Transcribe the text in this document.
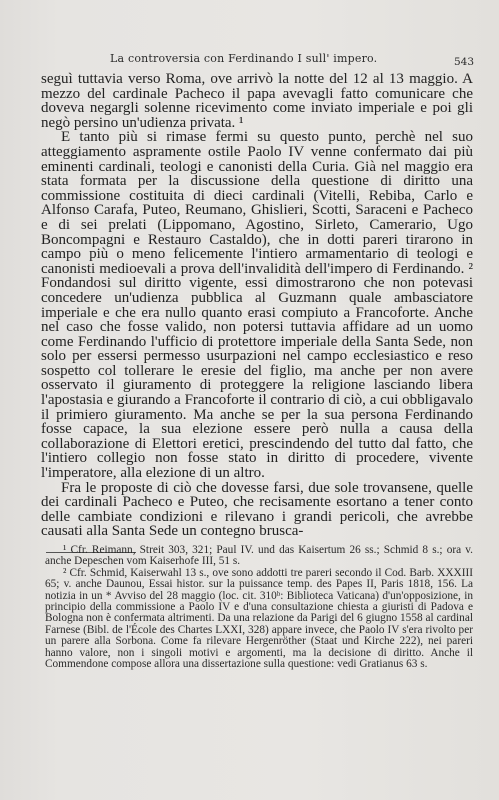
La controversia con Ferdinando I sull' impero.	543

seguì tuttavia verso Roma, ove arrivò la notte del 12 al 13 maggio. A mezzo del cardinale Pacheco il papa avevagli fatto comunicare che doveva negargli solenne ricevimento come inviato imperiale e poi gli negò persino un'udienza privata. ¹

E tanto più si rimase fermi su questo punto, perchè nel suo atteggiamento aspramente ostile Paolo IV venne confermato dai più eminenti cardinali, teologi e canonisti della Curia. Già nel maggio era stata formata per la discussione della questione di diritto una commissione costituita di dieci cardinali (Vitelli, Rebiba, Carlo e Alfonso Carafa, Puteo, Reumano, Ghislieri, Scotti, Saraceni e Pacheco e di sei prelati (Lippomano, Agostino, Sirleto, Camerario, Ugo Boncompagni e Restauro Castaldo), che in dotti pareri tirarono in campo più o meno felicemente l'intiero armamentario di teologi e canonisti medioevali a prova dell'invalidità dell'impero di Ferdinando. ² Fondandosi sul diritto vigente, essi dimostrarono che non potevasi concedere un'udienza pubblica al Guzmann quale ambasciatore imperiale e che era nullo quanto erasi compiuto a Francoforte. Anche nel caso che fosse valido, non potersi tuttavia affidare ad un uomo come Ferdinando l'ufficio di protettore imperiale della Santa Sede, non solo per essersi permesso usurpazioni nel campo ecclesiastico e reso sospetto col tollerare le eresie del figlio, ma anche per non avere osservato il giuramento di proteggere la religione lasciando libera l'apostasia e giurando a Francoforte il contrario di ciò, a cui obbligavalo il primiero giuramento. Ma anche se per la sua persona Ferdinando fosse capace, la sua elezione essere però nulla a causa della collaborazione di Elettori eretici, prescindendo del tutto dal fatto, che l'intiero collegio non fosse stato in diritto di procedere, vivente l'imperatore, alla elezione di un altro.

Fra le proposte di ciò che dovesse farsi, due sole trovansene, quelle dei cardinali Pacheco e Puteo, che recisamente esortano a tener conto delle cambiate condizioni e rilevano i grandi pericoli, che avrebbe causati alla Santa Sede un contegno brusca-

¹ Cfr. Reimann, Streit 303, 321; Paul IV. und das Kaisertum 26 ss.; Schmid 8 s.; ora v. anche Depeschen vom Kaiserhofe III, 51 s.

² Cfr. Schmid, Kaiserwahl 13 s., ove sono addotti tre pareri secondo il Cod. Barb. XXXIII 65; v. anche Daunou, Essai histor. sur la puissance temp. des Papes II, Paris 1818, 156. La notizia in un * Avviso del 28 maggio (loc. cit. 310ᵇ: Biblioteca Vaticana) d'un'opposizione, in principio della commissione a Paolo IV e d'una consultazione chiesta a giuristi di Padova e Bologna non è confermata altrimenti. Da una relazione da Parigi del 6 giugno 1558 al cardinal Farnese (Bibl. de l'École des Chartes LXXI, 328) appare invece, che Paolo IV s'era rivolto per un parere alla Sorbona. Come fa rilevare Hergenröther (Staat und Kirche 222), nei pareri hanno valore, non i singoli motivi e argomenti, ma la decisione di diritto. Anche il Commendone compose allora una dissertazione sulla questione: vedi Gratianus 63 s.
